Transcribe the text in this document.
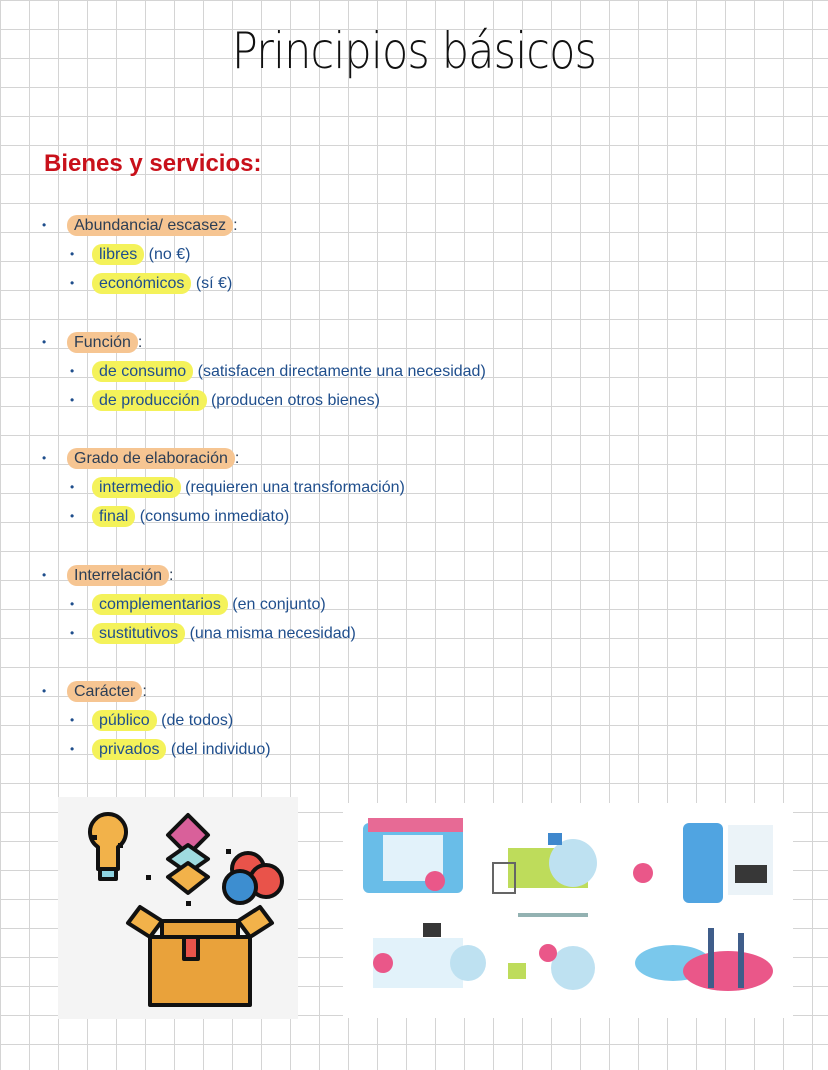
Principios básicos
Bienes y servicios:
•	Abundancia/ escasez :
•	libres (no €)
•	económicos (sí €)
•	Función :
•	de consumo (satisfacen directamente una necesidad)
•	de producción (producen otros bienes)
•	Grado de elaboración :
•	intermedio (requieren una transformación)
•	final (consumo inmediato)
•	Interrelación :
•	complementarios (en conjunto)
•	sustitutivos (una misma necesidad)
•	Carácter :
•	público (de todos)
•	privados (del individuo)
